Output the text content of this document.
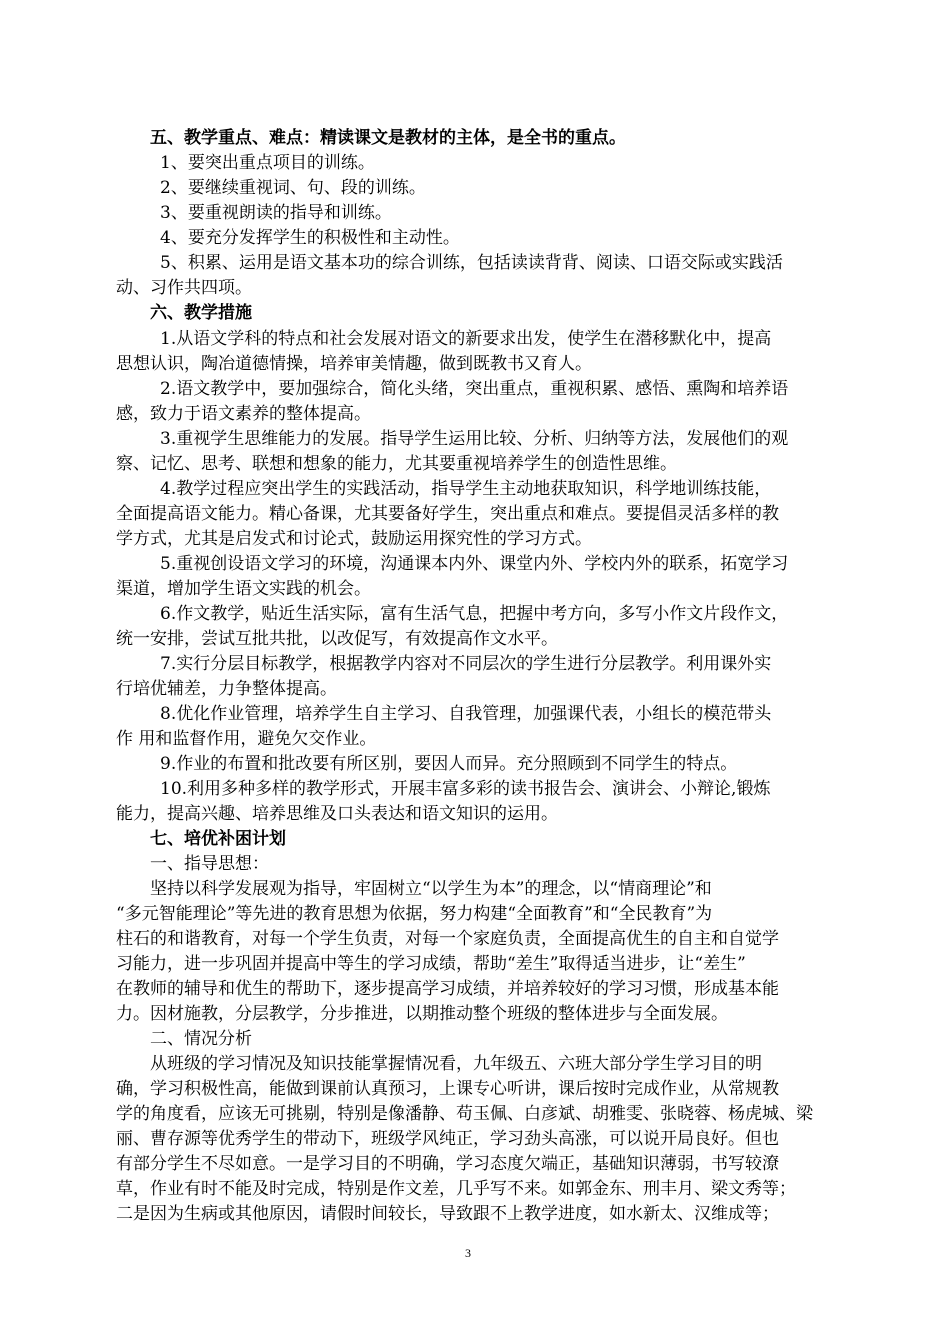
五、教学重点、难点：精读课文是教材的主体，是全书的重点。
1、要突出重点项目的训练。
2、要继续重视词、句、段的训练。
3、要重视朗读的指导和训练。
4、要充分发挥学生的积极性和主动性。
5、积累、运用是语文基本功的综合训练，包括读读背背、阅读、口语交际或实践活
动、习作共四项。
六、教学措施
1.从语文学科的特点和社会发展对语文的新要求出发，使学生在潜移默化中，提高
思想认识，陶冶道德情操，培养审美情趣，做到既教书又育人。
2.语文教学中，要加强综合，简化头绪，突出重点，重视积累、感悟、熏陶和培养语
感，致力于语文素养的整体提高。
3.重视学生思维能力的发展。指导学生运用比较、分析、归纳等方法，发展他们的观
察、记忆、思考、联想和想象的能力，尤其要重视培养学生的创造性思维。
4.教学过程应突出学生的实践活动，指导学生主动地获取知识，科学地训练技能，
全面提高语文能力。精心备课，尤其要备好学生，突出重点和难点。要提倡灵活多样的教
学方式，尤其是启发式和讨论式，鼓励运用探究性的学习方式。
5.重视创设语文学习的环境，沟通课本内外、课堂内外、学校内外的联系，拓宽学习
渠道，增加学生语文实践的机会。
6.作文教学，贴近生活实际，富有生活气息，把握中考方向，多写小作文片段作文，
统一安排，尝试互批共批，以改促写，有效提高作文水平。
7.实行分层目标教学，根据教学内容对不同层次的学生进行分层教学。利用课外实
行培优辅差，力争整体提高。
8.优化作业管理，培养学生自主学习、自我管理，加强课代表，小组长的模范带头
作 用和监督作用，避免欠交作业。
9.作业的布置和批改要有所区别，要因人而异。充分照顾到不同学生的特点。
10.利用多种多样的教学形式，开展丰富多彩的读书报告会、演讲会、小辩论,锻炼
能力，提高兴趣、培养思维及口头表达和语文知识的运用。
七、培优补困计划
一、指导思想：
坚持以科学发展观为指导，牢固树立“以学生为本”的理念，以“情商理论”和
“多元智能理论”等先进的教育思想为依据，努力构建“全面教育”和“全民教育”为
柱石的和谐教育，对每一个学生负责，对每一个家庭负责，全面提高优生的自主和自觉学
习能力，进一步巩固并提高中等生的学习成绩，帮助“差生”取得适当进步，让“差生”
在教师的辅导和优生的帮助下，逐步提高学习成绩，并培养较好的学习习惯，形成基本能
力。因材施教，分层教学，分步推进，以期推动整个班级的整体进步与全面发展。
二、情况分析
从班级的学习情况及知识技能掌握情况看，九年级五、六班大部分学生学习目的明
确，学习积极性高，能做到课前认真预习，上课专心听讲，课后按时完成作业，从常规教
学的角度看，应该无可挑剔，特别是像潘静、苟玉佩、白彦斌、胡雅雯、张晓蓉、杨虎城、梁
丽、曹存源等优秀学生的带动下，班级学风纯正，学习劲头高涨，可以说开局良好。但也
有部分学生不尽如意。一是学习目的不明确，学习态度欠端正，基础知识薄弱，书写较潦
草，作业有时不能及时完成，特别是作文差，几乎写不来。如郭金东、刑丰月、梁文秀等；
二是因为生病或其他原因，请假时间较长，导致跟不上教学进度，如水新太、汉维成等；
3
